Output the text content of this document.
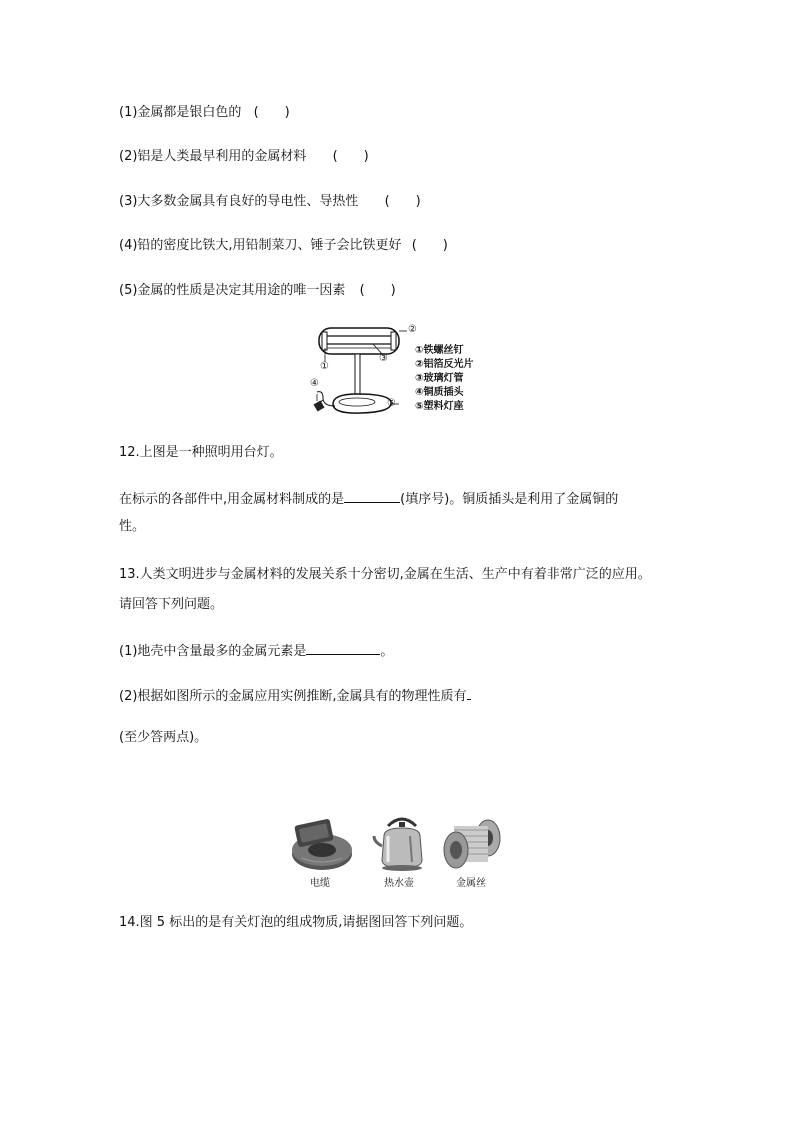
(1)金属都是银白色的 (　　)
(2)铝是人类最早利用的金属材料 (　　)
(3)大多数金属具有良好的导电性、导热性 (　　)
(4)铅的密度比铁大,用铅制菜刀、锤子会比铁更好 (　　)
(5)金属的性质是决定其用途的唯一因素 (　　)
②
③
①
④
⑤
①铁螺丝钉
②铝箔反光片
③玻璃灯管
④铜质插头
⑤塑料灯座
12.上图是一种照明用台灯。
在标示的各部件中,用金属材料制成的是	(填序号)。铜质插头是利用了金属铜的
性。
13.人类文明进步与金属材料的发展关系十分密切,金属在生活、生产中有着非常广泛的应用。
请回答下列问题。
(1)地壳中含量最多的金属元素是	。
(2)根据如图所示的金属应用实例推断,金属具有的物理性质有
(至少答两点)。
电缆	热水壶	金属丝
14.图 5 标出的是有关灯泡的组成物质,请据图回答下列问题。
